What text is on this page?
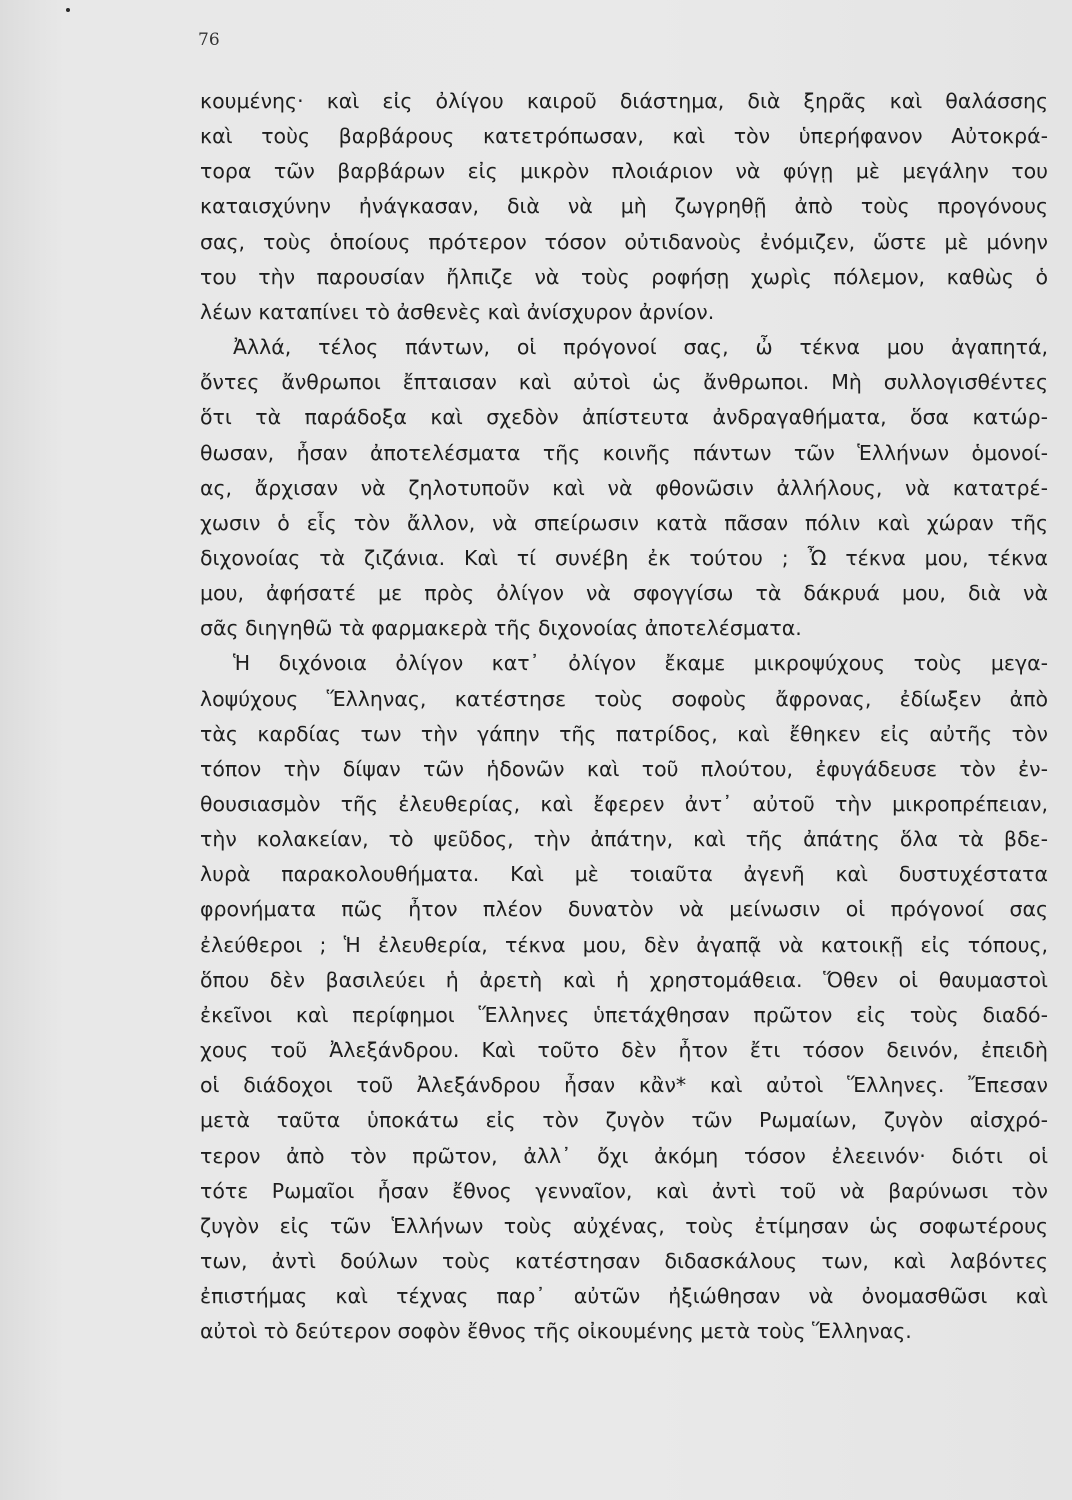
76
κουμένης· καὶ εἰς ὀλίγου καιροῦ διάστημα, διὰ ξηρᾶς καὶ θαλάσσης
καὶ τοὺς βαρβάρους κατετρόπωσαν, καὶ τὸν ὑπερήφανον Αὐτοκρά-
τορα τῶν βαρβάρων εἰς μικρὸν πλοιάριον νὰ φύγῃ μὲ μεγάλην του
καταισχύνην ἠνάγκασαν, διὰ νὰ μὴ ζωγρηθῇ ἀπὸ τοὺς προγόνους
σας, τοὺς ὁποίους πρότερον τόσον οὐτιδανοὺς ἐνόμιζεν, ὥστε μὲ μόνην
του τὴν παρουσίαν ἤλπιζε νὰ τοὺς ροφήσῃ χωρὶς πόλεμον, καθὼς ὁ
λέων καταπίνει τὸ ἀσθενὲς καὶ ἀνίσχυρον ἀρνίον.
Ἀλλά, τέλος πάντων, οἱ πρόγονοί σας, ὦ τέκνα μου ἀγαπητά,
ὄντες ἄνθρωποι ἔπταισαν καὶ αὐτοὶ ὡς ἄνθρωποι. Μὴ συλλογισθέντες
ὅτι τὰ παράδοξα καὶ σχεδὸν ἀπίστευτα ἀνδραγαθήματα, ὅσα κατώρ-
θωσαν, ἦσαν ἀποτελέσματα τῆς κοινῆς πάντων τῶν Ἑλλήνων ὁμονοί-
ας, ἄρχισαν νὰ ζηλοτυποῦν καὶ νὰ φθονῶσιν ἀλλήλους, νὰ κατατρέ-
χωσιν ὁ εἷς τὸν ἄλλον, νὰ σπείρωσιν κατὰ πᾶσαν πόλιν καὶ χώραν τῆς
διχονοίας τὰ ζιζάνια. Καὶ τί συνέβη ἐκ τούτου ; Ὦ τέκνα μου, τέκνα
μου, ἀφήσατέ με πρὸς ὀλίγον νὰ σφογγίσω τὰ δάκρυά μου, διὰ νὰ
σᾶς διηγηθῶ τὰ φαρμακερὰ τῆς διχονοίας ἀποτελέσματα.
Ἡ διχόνοια ὀλίγον κατ᾽ ὀλίγον ἔκαμε μικροψύχους τοὺς μεγα-
λοψύχους Ἕλληνας, κατέστησε τοὺς σοφοὺς ἄφρονας, ἐδίωξεν ἀπὸ
τὰς καρδίας των τὴν γάπην τῆς πατρίδος, καὶ ἔθηκεν εἰς αὐτῆς τὸν
τόπον τὴν δίψαν τῶν ἡδονῶν καὶ τοῦ πλούτου, ἐφυγάδευσε τὸν ἐν-
θουσιασμὸν τῆς ἐλευθερίας, καὶ ἔφερεν ἀντ᾽ αὐτοῦ τὴν μικροπρέπειαν,
τὴν κολακείαν, τὸ ψεῦδος, τὴν ἀπάτην, καὶ τῆς ἀπάτης ὅλα τὰ βδε-
λυρὰ παρακολουθήματα. Καὶ μὲ τοιαῦτα ἀγενῆ καὶ δυστυχέστατα
φρονήματα πῶς ἦτον πλέον δυνατὸν νὰ μείνωσιν οἱ πρόγονοί σας
ἐλεύθεροι ; Ἡ ἐλευθερία, τέκνα μου, δὲν ἀγαπᾷ νὰ κατοικῇ εἰς τόπους,
ὅπου δὲν βασιλεύει ἡ ἀρετὴ καὶ ἡ χρηστομάθεια. Ὅθεν οἱ θαυμαστοὶ
ἐκεῖνοι καὶ περίφημοι Ἕλληνες ὑπετάχθησαν πρῶτον εἰς τοὺς διαδό-
χους τοῦ Ἀλεξάνδρου. Καὶ τοῦτο δὲν ἦτον ἔτι τόσον δεινόν, ἐπειδὴ
οἱ διάδοχοι τοῦ Ἀλεξάνδρου ἦσαν κἂν* καὶ αὐτοὶ Ἕλληνες. Ἔπεσαν
μετὰ ταῦτα ὑποκάτω εἰς τὸν ζυγὸν τῶν Ρωμαίων, ζυγὸν αἰσχρό-
τερον ἀπὸ τὸν πρῶτον, ἀλλ᾽ ὄχι ἀκόμη τόσον ἐλεεινόν· διότι οἱ
τότε Ρωμαῖοι ἦσαν ἔθνος γενναῖον, καὶ ἀντὶ τοῦ νὰ βαρύνωσι τὸν
ζυγὸν εἰς τῶν Ἑλλήνων τοὺς αὐχένας, τοὺς ἐτίμησαν ὡς σοφωτέρους
των, ἀντὶ δούλων τοὺς κατέστησαν διδασκάλους των, καὶ λαβόντες
ἐπιστήμας καὶ τέχνας παρ᾽ αὐτῶν ἠξιώθησαν νὰ ὀνομασθῶσι καὶ
αὐτοὶ τὸ δεύτερον σοφὸν ἔθνος τῆς οἰκουμένης μετὰ τοὺς Ἕλληνας.
